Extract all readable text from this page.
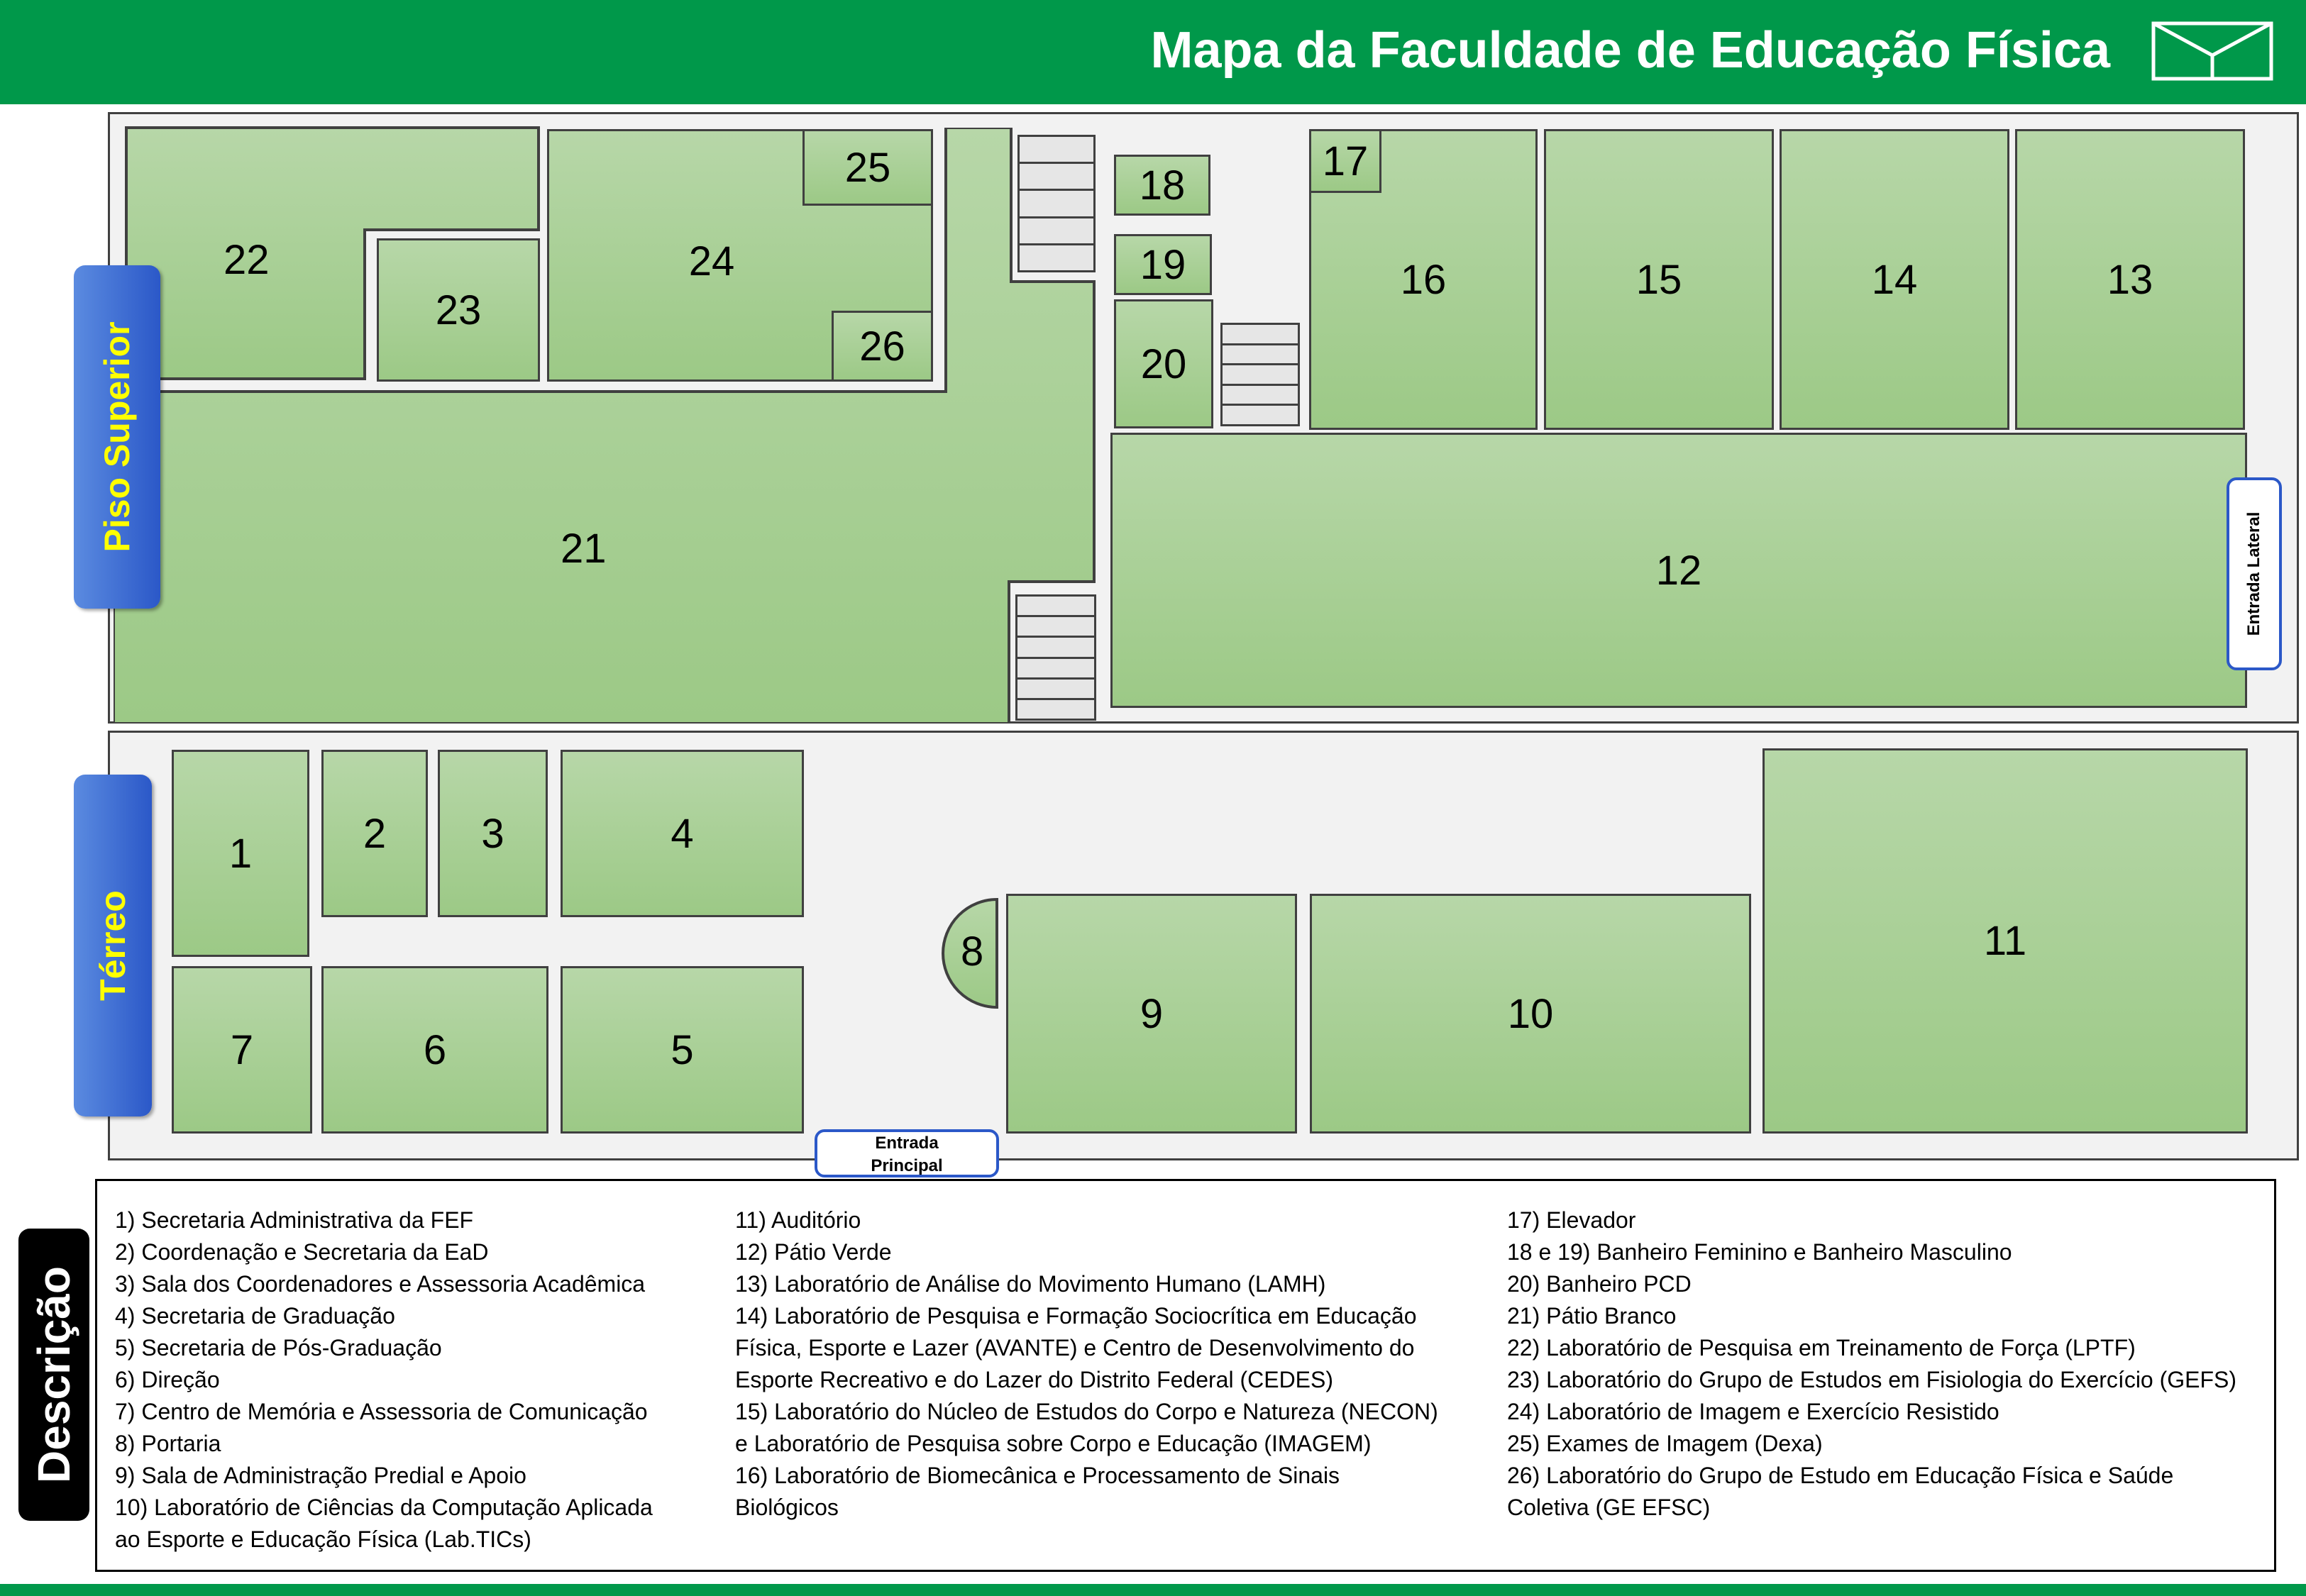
Mapa da Faculdade de Educação Física
21
22
23
24
25
26
18
19
20
16
17
15	14	13
12	Entrada Lateral
Piso Superior
1	2 3	4
7	6	5
8
9	10
11
Entrada Principal
Térreo
Descrição
1) Secretaria Administrativa da FEF
2) Coordenação e Secretaria da EaD
3) Sala dos Coordenadores e Assessoria Acadêmica
4) Secretaria de Graduação
5) Secretaria de Pós-Graduação
6) Direção
7) Centro de Memória e Assessoria de Comunicação
8) Portaria
9) Sala de Administração Predial e Apoio
10) Laboratório de Ciências da Computação Aplicada
ao Esporte e Educação Física (Lab.TICs)
11) Auditório
12) Pátio Verde
13) Laboratório de Análise do Movimento Humano (LAMH)
14) Laboratório de Pesquisa e Formação Sociocrítica em Educação
Física, Esporte e Lazer (AVANTE) e Centro de Desenvolvimento do
Esporte Recreativo e do Lazer do Distrito Federal (CEDES)
15) Laboratório do Núcleo de Estudos do Corpo e Natureza (NECON)
e Laboratório de Pesquisa sobre Corpo e Educação (IMAGEM)
16) Laboratório de Biomecânica e Processamento de Sinais
Biológicos
17) Elevador
18 e 19) Banheiro Feminino e Banheiro Masculino
20) Banheiro PCD
21) Pátio Branco
22) Laboratório de Pesquisa em Treinamento de Força (LPTF)
23) Laboratório do Grupo de Estudos em Fisiologia do Exercício (GEFS)
24) Laboratório de Imagem e Exercício Resistido
25) Exames de Imagem (Dexa)
26) Laboratório do Grupo de Estudo em Educação Física e Saúde
Coletiva (GE EFSC)
